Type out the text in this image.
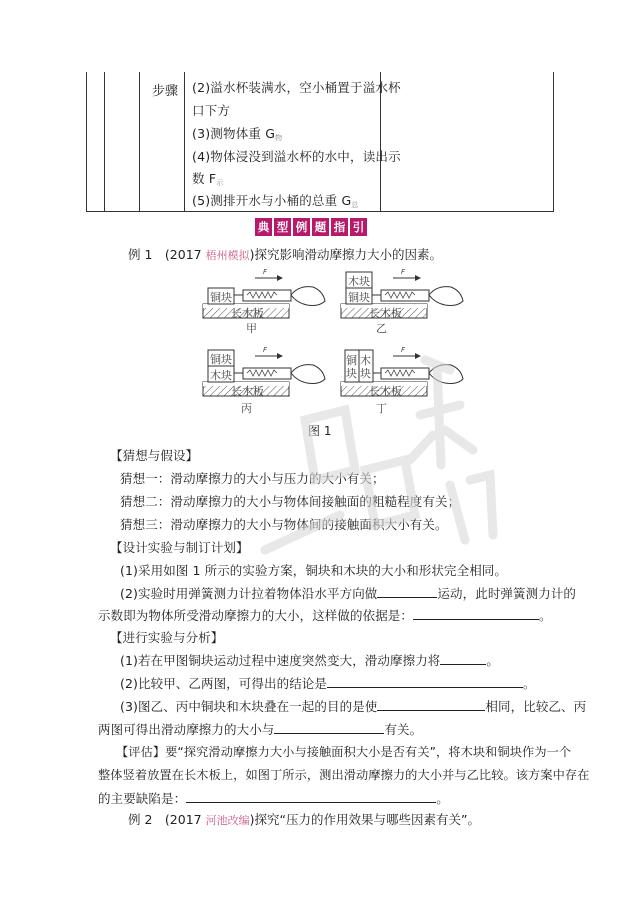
步骤 (2)溢水杯装满水，空小桶置于溢水杯
口下方
(3)测物体重 $G_物$
(4)物体浸没到溢水杯的水中，读出示
数 $F_示$
(5)测排开水与小桶的总重 $G_总$
典 型 例 题 指 引
例 1　(2017 梧州模拟)探究影响滑动摩擦力大小的因素。
铜块
长木板
甲
F
木块
铜块
长木板
乙
F
铜块
木块
长木板
丙
F
铜块
木块
长木板
丁
F
图 1
【猜想与假设】
猜想一：滑动摩擦力的大小与压力的大小有关；
猜想二：滑动摩擦力的大小与物体间接触面的粗糙程度有关；
猜想三：滑动摩擦力的大小与物体间的接触面积大小有关。
【设计实验与制订计划】
(1)采用如图 1 所示的实验方案，铜块和木块的大小和形状完全相同。
(2)实验时用弹簧测力计拉着物体沿水平方向做	运动，此时弹簧测力计的
示数即为物体所受滑动摩擦力的大小，这样做的依据是：	。
【进行实验与分析】
(1)若在甲图铜块运动过程中速度突然变大，滑动摩擦力将	。
(2)比较甲、乙两图，可得出的结论是	。
(3)图乙、丙中铜块和木块叠在一起的目的是使	相同，比较乙、丙
两图可得出滑动摩擦力的大小与	有关。
【评估】要“探究滑动摩擦力大小与接触面积大小是否有关”，将木块和铜块作为一个
整体竖着放置在长木板上，如图丁所示，测出滑动摩擦力的大小并与乙比较。该方案中存在
的主要缺陷是：	。
例 2　(2017 河池改编)探究“压力的作用效果与哪些因素有关”。
